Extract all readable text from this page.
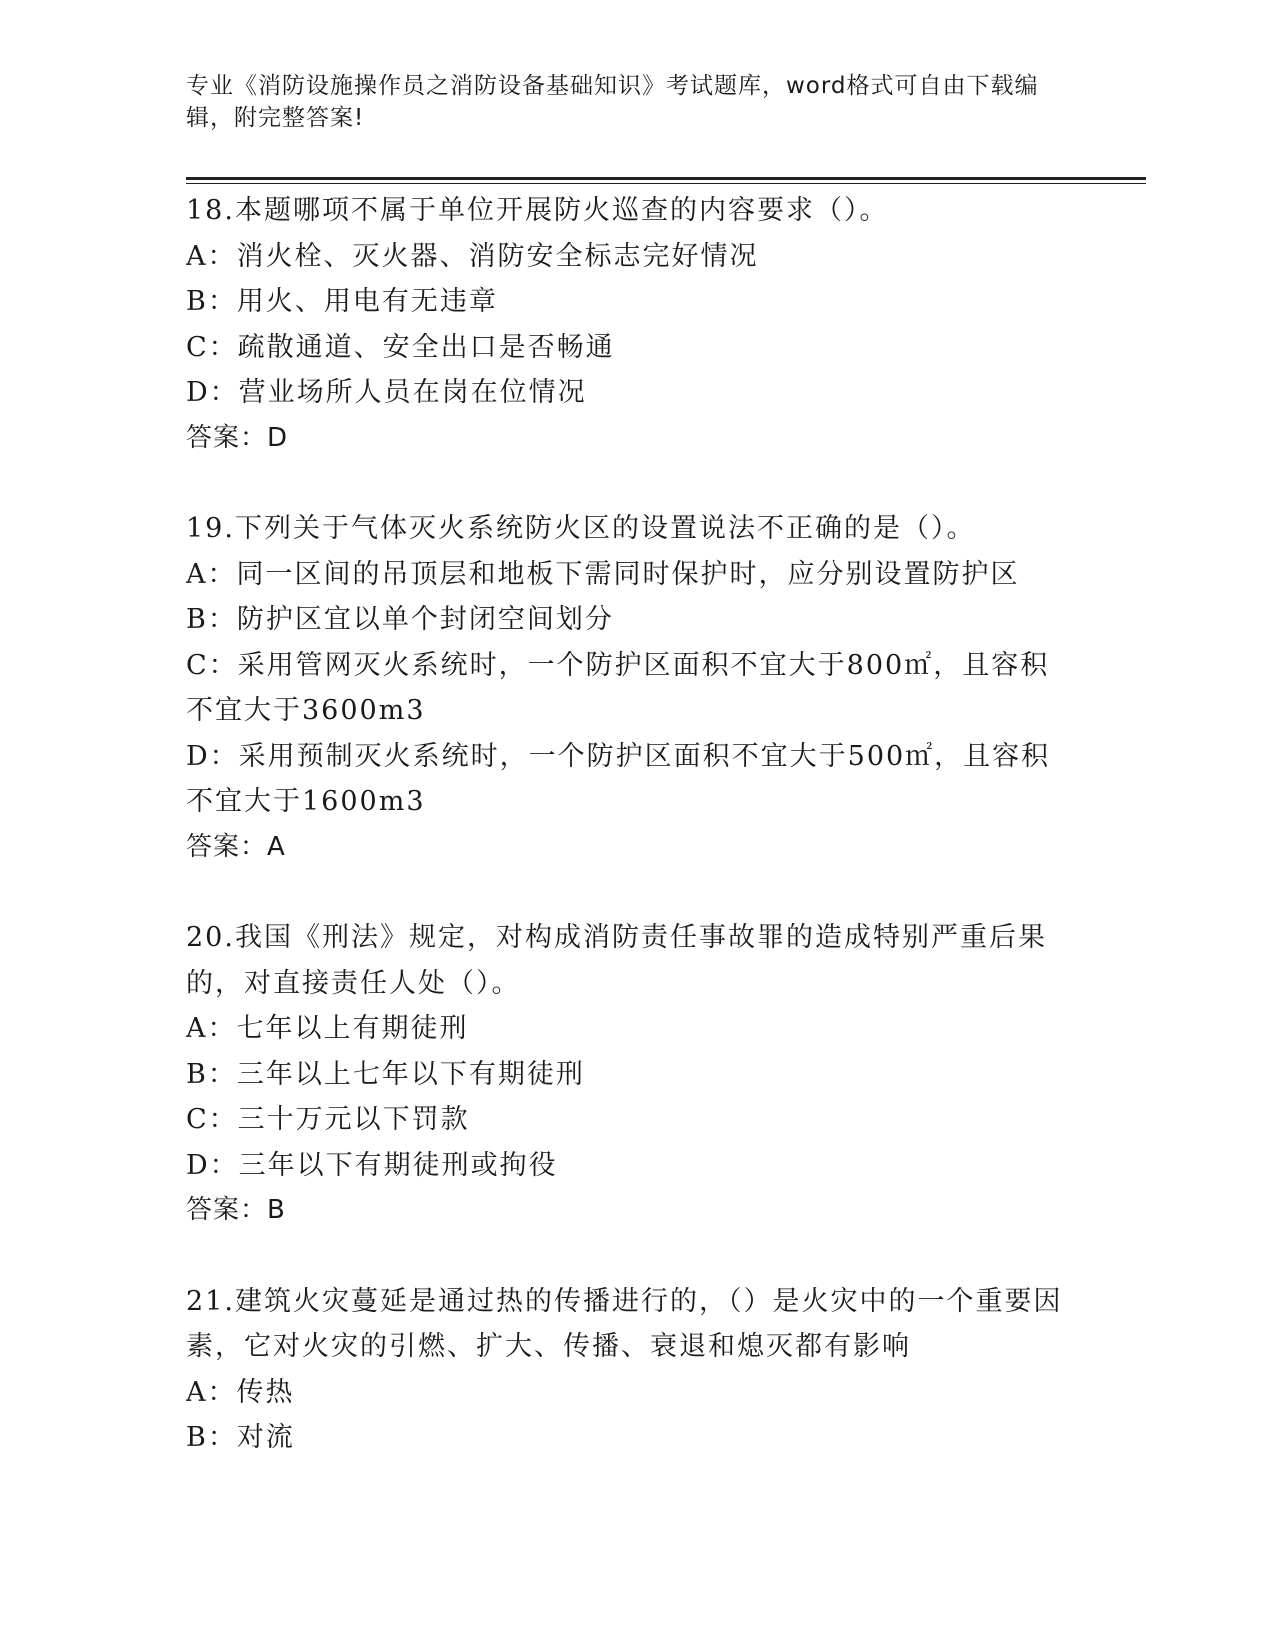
专业《消防设施操作员之消防设备基础知识》考试题库，word格式可自由下载编辑，附完整答案!

18.本题哪项不属于单位开展防火巡查的内容要求（）。

A：消火栓、灭火器、消防安全标志完好情况

B：用火、用电有无违章

C：疏散通道、安全出口是否畅通

D：营业场所人员在岗在位情况

答案：D

19.下列关于气体灭火系统防火区的设置说法不正确的是（）。

A：同一区间的吊顶层和地板下需同时保护时，应分别设置防护区

B：防护区宜以单个封闭空间划分

C：采用管网灭火系统时，一个防护区面积不宜大于800㎡，且容积不宜大于3600m3

D：采用预制灭火系统时，一个防护区面积不宜大于500㎡，且容积不宜大于1600m3

答案：A

20.我国《刑法》规定，对构成消防责任事故罪的造成特别严重后果的，对直接责任人处（）。

A：七年以上有期徒刑

B：三年以上七年以下有期徒刑

C：三十万元以下罚款

D：三年以下有期徒刑或拘役

答案：B

21.建筑火灾蔓延是通过热的传播进行的，（）是火灾中的一个重要因素，它对火灾的引燃、扩大、传播、衰退和熄灭都有影响

A：传热

B：对流
